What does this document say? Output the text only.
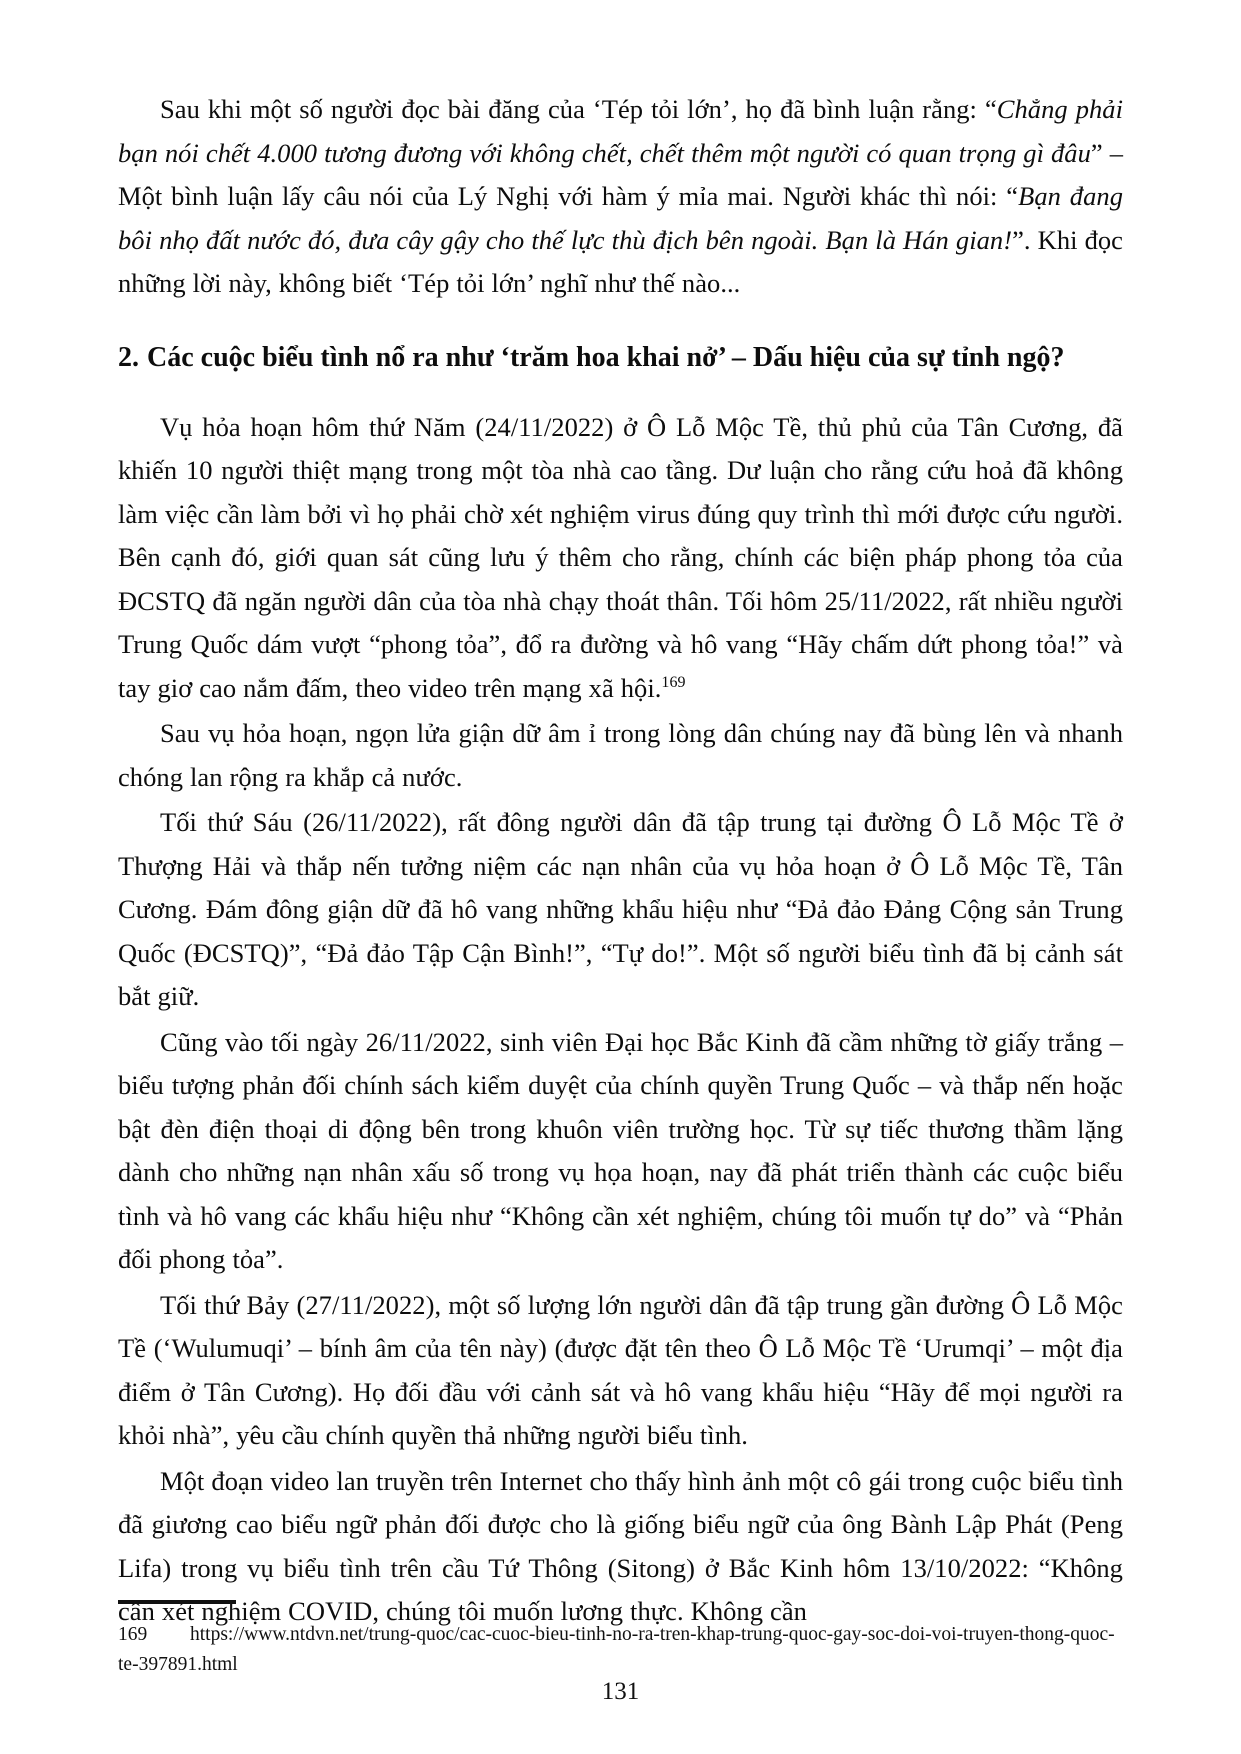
Sau khi một số người đọc bài đăng của ‘Tép tỏi lớn’, họ đã bình luận rằng: “Chẳng phải bạn nói chết 4.000 tương đương với không chết, chết thêm một người có quan trọng gì đâu” – Một bình luận lấy câu nói của Lý Nghị với hàm ý mỉa mai. Người khác thì nói: “Bạn đang bôi nhọ đất nước đó, đưa cây gậy cho thế lực thù địch bên ngoài. Bạn là Hán gian!”. Khi đọc những lời này, không biết ‘Tép tỏi lớn’ nghĩ như thế nào...

2. Các cuộc biểu tình nổ ra như ‘trăm hoa khai nở’ – Dấu hiệu của sự tỉnh ngộ?

Vụ hỏa hoạn hôm thứ Năm (24/11/2022) ở Ô Lỗ Mộc Tề, thủ phủ của Tân Cương, đã khiến 10 người thiệt mạng trong một tòa nhà cao tầng. Dư luận cho rằng cứu hoả đã không làm việc cần làm bởi vì họ phải chờ xét nghiệm virus đúng quy trình thì mới được cứu người. Bên cạnh đó, giới quan sát cũng lưu ý thêm cho rằng, chính các biện pháp phong tỏa của ĐCSTQ đã ngăn người dân của tòa nhà chạy thoát thân. Tối hôm 25/11/2022, rất nhiều người Trung Quốc dám vượt “phong tỏa”, đổ ra đường và hô vang “Hãy chấm dứt phong tỏa!” và tay giơ cao nắm đấm, theo video trên mạng xã hội.$^{169}$

Sau vụ hỏa hoạn, ngọn lửa giận dữ âm ỉ trong lòng dân chúng nay đã bùng lên và nhanh chóng lan rộng ra khắp cả nước.

Tối thứ Sáu (26/11/2022), rất đông người dân đã tập trung tại đường Ô Lỗ Mộc Tề ở Thượng Hải và thắp nến tưởng niệm các nạn nhân của vụ hỏa hoạn ở Ô Lỗ Mộc Tề, Tân Cương. Đám đông giận dữ đã hô vang những khẩu hiệu như “Đả đảo Đảng Cộng sản Trung Quốc (ĐCSTQ)”, “Đả đảo Tập Cận Bình!”, “Tự do!”. Một số người biểu tình đã bị cảnh sát bắt giữ.

Cũng vào tối ngày 26/11/2022, sinh viên Đại học Bắc Kinh đã cầm những tờ giấy trắng – biểu tượng phản đối chính sách kiểm duyệt của chính quyền Trung Quốc – và thắp nến hoặc bật đèn điện thoại di động bên trong khuôn viên trường học. Từ sự tiếc thương thầm lặng dành cho những nạn nhân xấu số trong vụ họa hoạn, nay đã phát triển thành các cuộc biểu tình và hô vang các khẩu hiệu như “Không cần xét nghiệm, chúng tôi muốn tự do” và “Phản đối phong tỏa”.

Tối thứ Bảy (27/11/2022), một số lượng lớn người dân đã tập trung gần đường Ô Lỗ Mộc Tề (‘Wulumuqi’ – bính âm của tên này) (được đặt tên theo Ô Lỗ Mộc Tề ‘Urumqi’ – một địa điểm ở Tân Cương). Họ đối đầu với cảnh sát và hô vang khẩu hiệu “Hãy để mọi người ra khỏi nhà”, yêu cầu chính quyền thả những người biểu tình.

Một đoạn video lan truyền trên Internet cho thấy hình ảnh một cô gái trong cuộc biểu tình đã giương cao biểu ngữ phản đối được cho là giống biểu ngữ của ông Bành Lập Phát (Peng Lifa) trong vụ biểu tình trên cầu Tứ Thông (Sitong) ở Bắc Kinh hôm 13/10/2022: “Không cần xét nghiệm COVID, chúng tôi muốn lương thực. Không cần

169 https://www.ntdvn.net/trung-quoc/cac-cuoc-bieu-tinh-no-ra-tren-khap-trung-quoc-gay-soc-doi-voi-truyen-thong-quoc-te-397891.html
131
